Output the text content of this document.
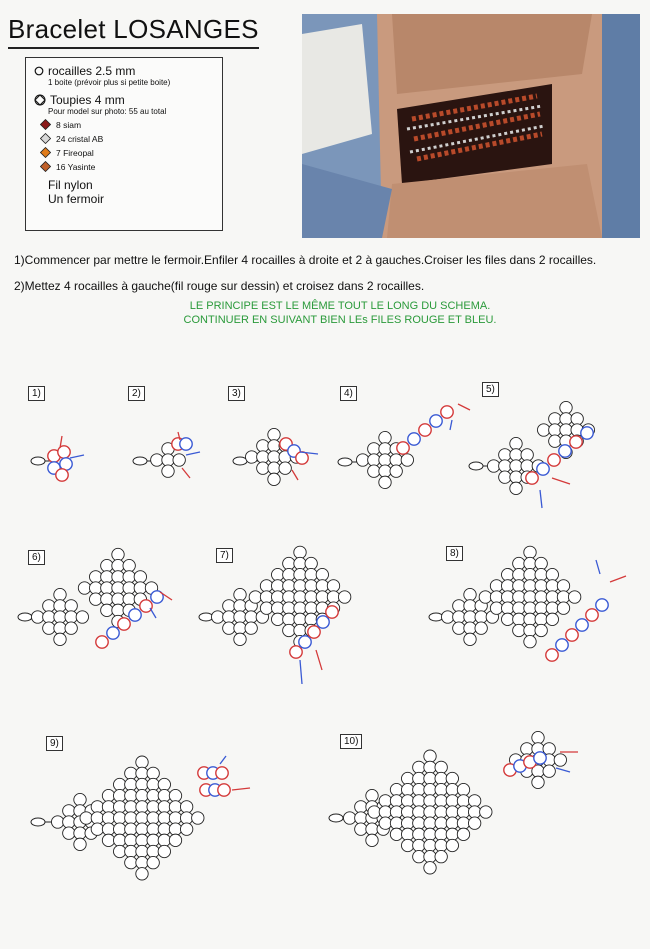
Bracelet LOSANGES
rocailles 2.5 mm
1 boite (prévoir plus si petite boite)
Toupies 4 mm
Pour model sur photo: 55 au total
8 siam
24 cristal AB
7 Fireopal
16 Yasinte
Fil nylon
Un fermoir

1)Commencer par mettre le fermoir.Enfiler 4 rocailles à droite et 2 à gauches.Croiser les files dans 2 rocailles.

2)Mettez 4 rocailles à gauche(fil rouge sur dessin) et croisez dans 2 rocailles.

LE PRINCIPE EST LE MÊME TOUT LE LONG DU SCHEMA.
CONTINUER EN SUIVANT BIEN LEs FILES ROUGE ET BLEU.
1)	2)	3)	4)	5)
6)	7)	8)
9)	10)
